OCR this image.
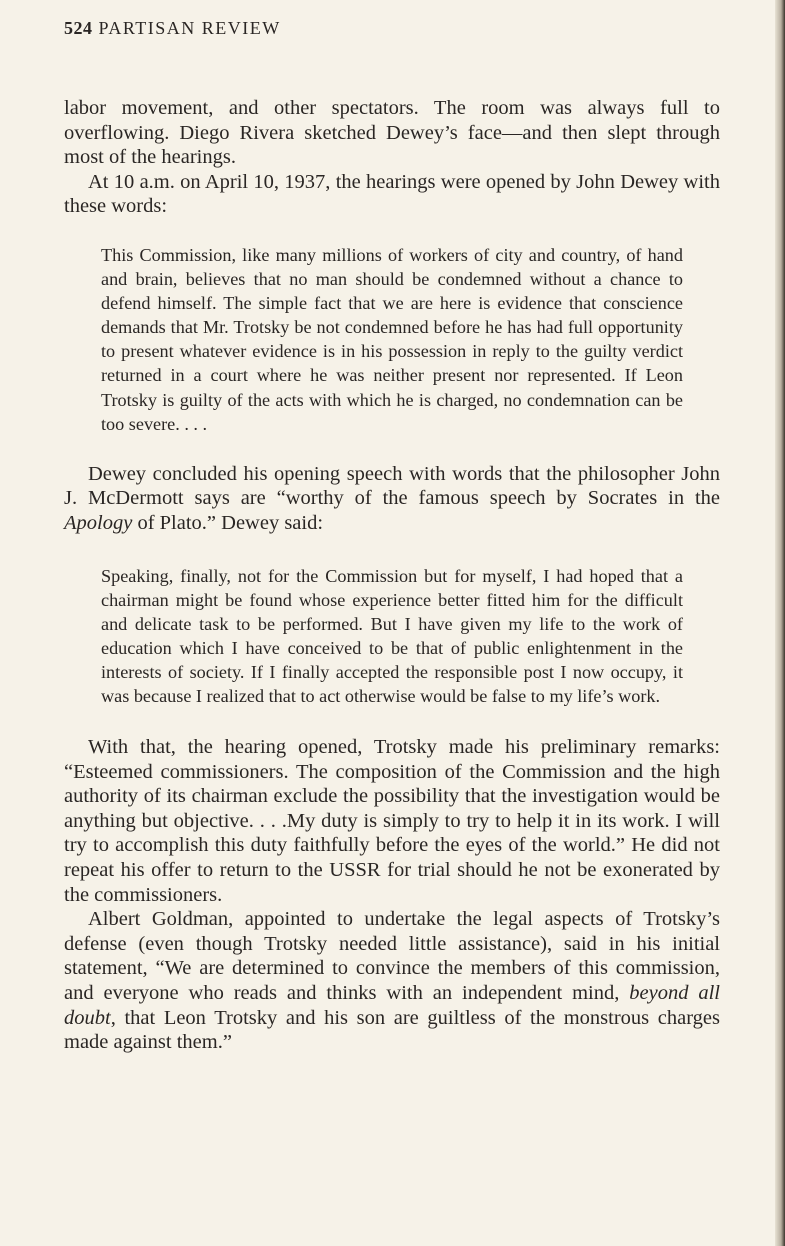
524 PARTISAN REVIEW

labor movement, and other spectators. The room was always full to overflowing. Diego Rivera sketched Dewey’s face—and then slept through most of the hearings.

At 10 a.m. on April 10, 1937, the hearings were opened by John Dewey with these words:

This Commission, like many millions of workers of city and country, of hand and brain, believes that no man should be condemned without a chance to defend himself. The simple fact that we are here is evidence that conscience demands that Mr. Trotsky be not condemned before he has had full opportunity to present whatever evidence is in his possession in reply to the guilty verdict returned in a court where he was neither present nor represented. If Leon Trotsky is guilty of the acts with which he is charged, no condemnation can be too severe. . . .

Dewey concluded his opening speech with words that the philosopher John J. McDermott says are “worthy of the famous speech by Socrates in the Apology of Plato.” Dewey said:

Speaking, finally, not for the Commission but for myself, I had hoped that a chairman might be found whose experience better fitted him for the difficult and delicate task to be performed. But I have given my life to the work of education which I have conceived to be that of public enlightenment in the interests of society. If I finally accepted the responsible post I now occupy, it was because I realized that to act otherwise would be false to my life’s work.

With that, the hearing opened, Trotsky made his preliminary remarks: “Esteemed commissioners. The composition of the Commission and the high authority of its chairman exclude the possibility that the investigation would be anything but objective. . . .My duty is simply to try to help it in its work. I will try to accomplish this duty faithfully before the eyes of the world.” He did not repeat his offer to return to the USSR for trial should he not be exonerated by the commissioners.

Albert Goldman, appointed to undertake the legal aspects of Trotsky’s defense (even though Trotsky needed little assistance), said in his initial statement, “We are determined to convince the members of this commission, and everyone who reads and thinks with an independent mind, beyond all doubt, that Leon Trotsky and his son are guiltless of the monstrous charges made against them.”
